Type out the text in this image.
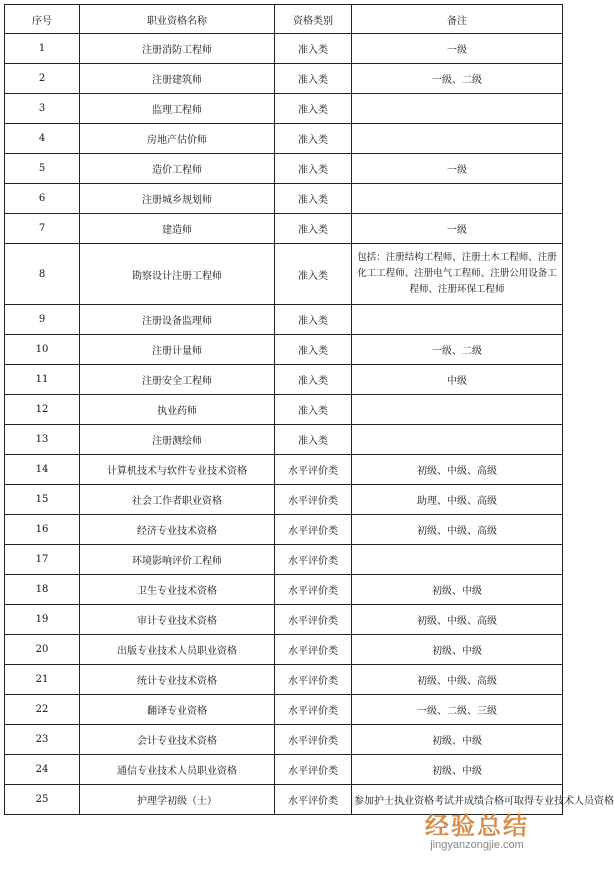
序号	职业资格名称	资格类别	备注
1	注册消防工程师	准入类	一级
2	注册建筑师	准入类	一级、二级
3	监理工程师	准入类	
4	房地产估价师	准入类	
5	造价工程师	准入类	一级
6	注册城乡规划师	准入类	
7	建造师	准入类	一级
8	勘察设计注册工程师	准入类	包括：注册结构工程师、注册土木工程师、注册化工工程师、注册电气工程师、注册公用设备工程师、注册环保工程师
9	注册设备监理师	准入类	
10	注册计量师	准入类	一级、二级
11	注册安全工程师	准入类	中级
12	执业药师	准入类	
13	注册测绘师	准入类	
14	计算机技术与软件专业技术资格	水平评价类	初级、中级、高级
15	社会工作者职业资格	水平评价类	助理、中级、高级
16	经济专业技术资格	水平评价类	初级、中级、高级
17	环境影响评价工程师	水平评价类	
18	卫生专业技术资格	水平评价类	初级、中级
19	审计专业技术资格	水平评价类	初级、中级、高级
20	出版专业技术人员职业资格	水平评价类	初级、中级
21	统计专业技术资格	水平评价类	初级、中级、高级
22	翻译专业资格	水平评价类	一级、二级、三级
23	会计专业技术资格	水平评价类	初级、中级
24	通信专业技术人员职业资格	水平评价类	初级、中级
25	护理学初级（士）	水平评价类	参加护士执业资格考试并成绩合格可取得专业技术人员资格
经验总结
jingyanzongjie.com
